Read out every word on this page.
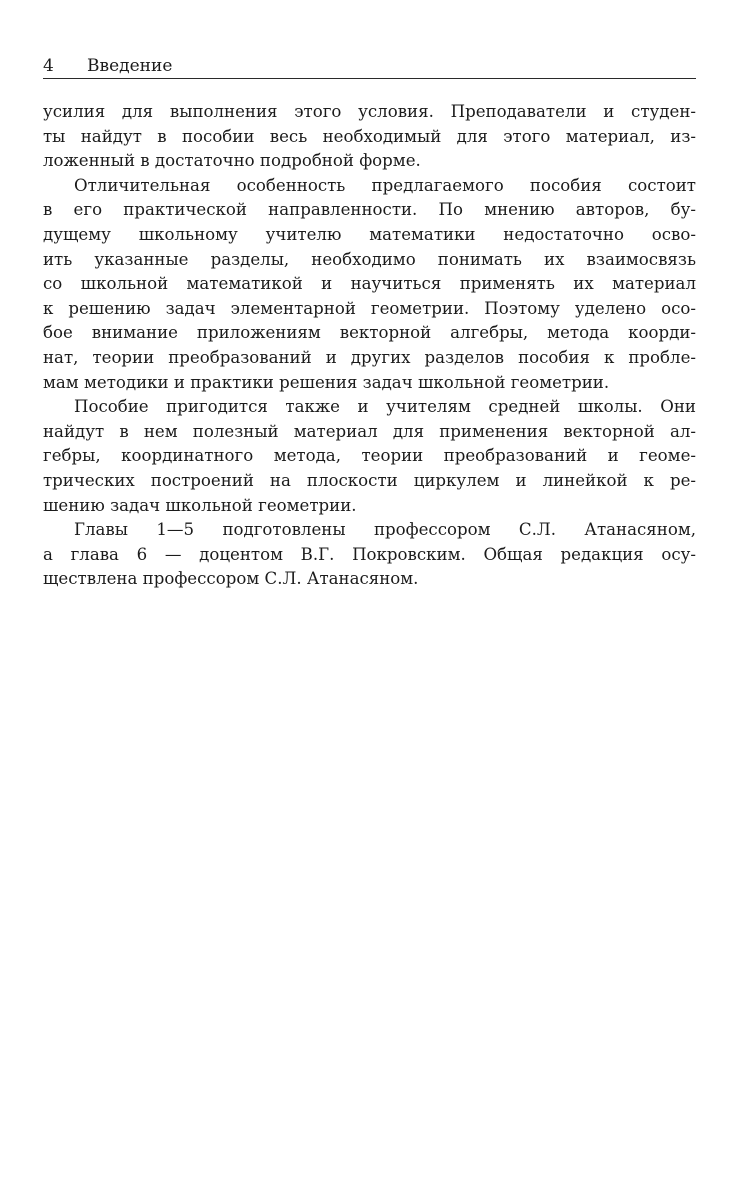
4 Введение
усилия для выполнения этого условия. Преподаватели и студен-
ты найдут в пособии весь необходимый для этого материал, из-
ложенный в достаточно подробной форме.
Отличительная особенность предлагаемого пособия состоит
в его практической направленности. По мнению авторов, бу-
дущему школьному учителю математики недостаточно осво-
ить указанные разделы, необходимо понимать их взаимосвязь
со школьной математикой и научиться применять их материал
к решению задач элементарной геометрии. Поэтому уделено осо-
бое внимание приложениям векторной алгебры, метода коорди-
нат, теории преобразований и других разделов пособия к пробле-
мам методики и практики решения задач школьной геометрии.
Пособие пригодится также и учителям средней школы. Они
найдут в нем полезный материал для применения векторной ал-
гебры, координатного метода, теории преобразований и геоме-
трических построений на плоскости циркулем и линейкой к ре-
шению задач школьной геометрии.
Главы 1—5 подготовлены профессором С.Л. Атанасяном,
а глава 6 — доцентом В.Г. Покровским. Общая редакция осу-
ществлена профессором С.Л. Атанасяном.
